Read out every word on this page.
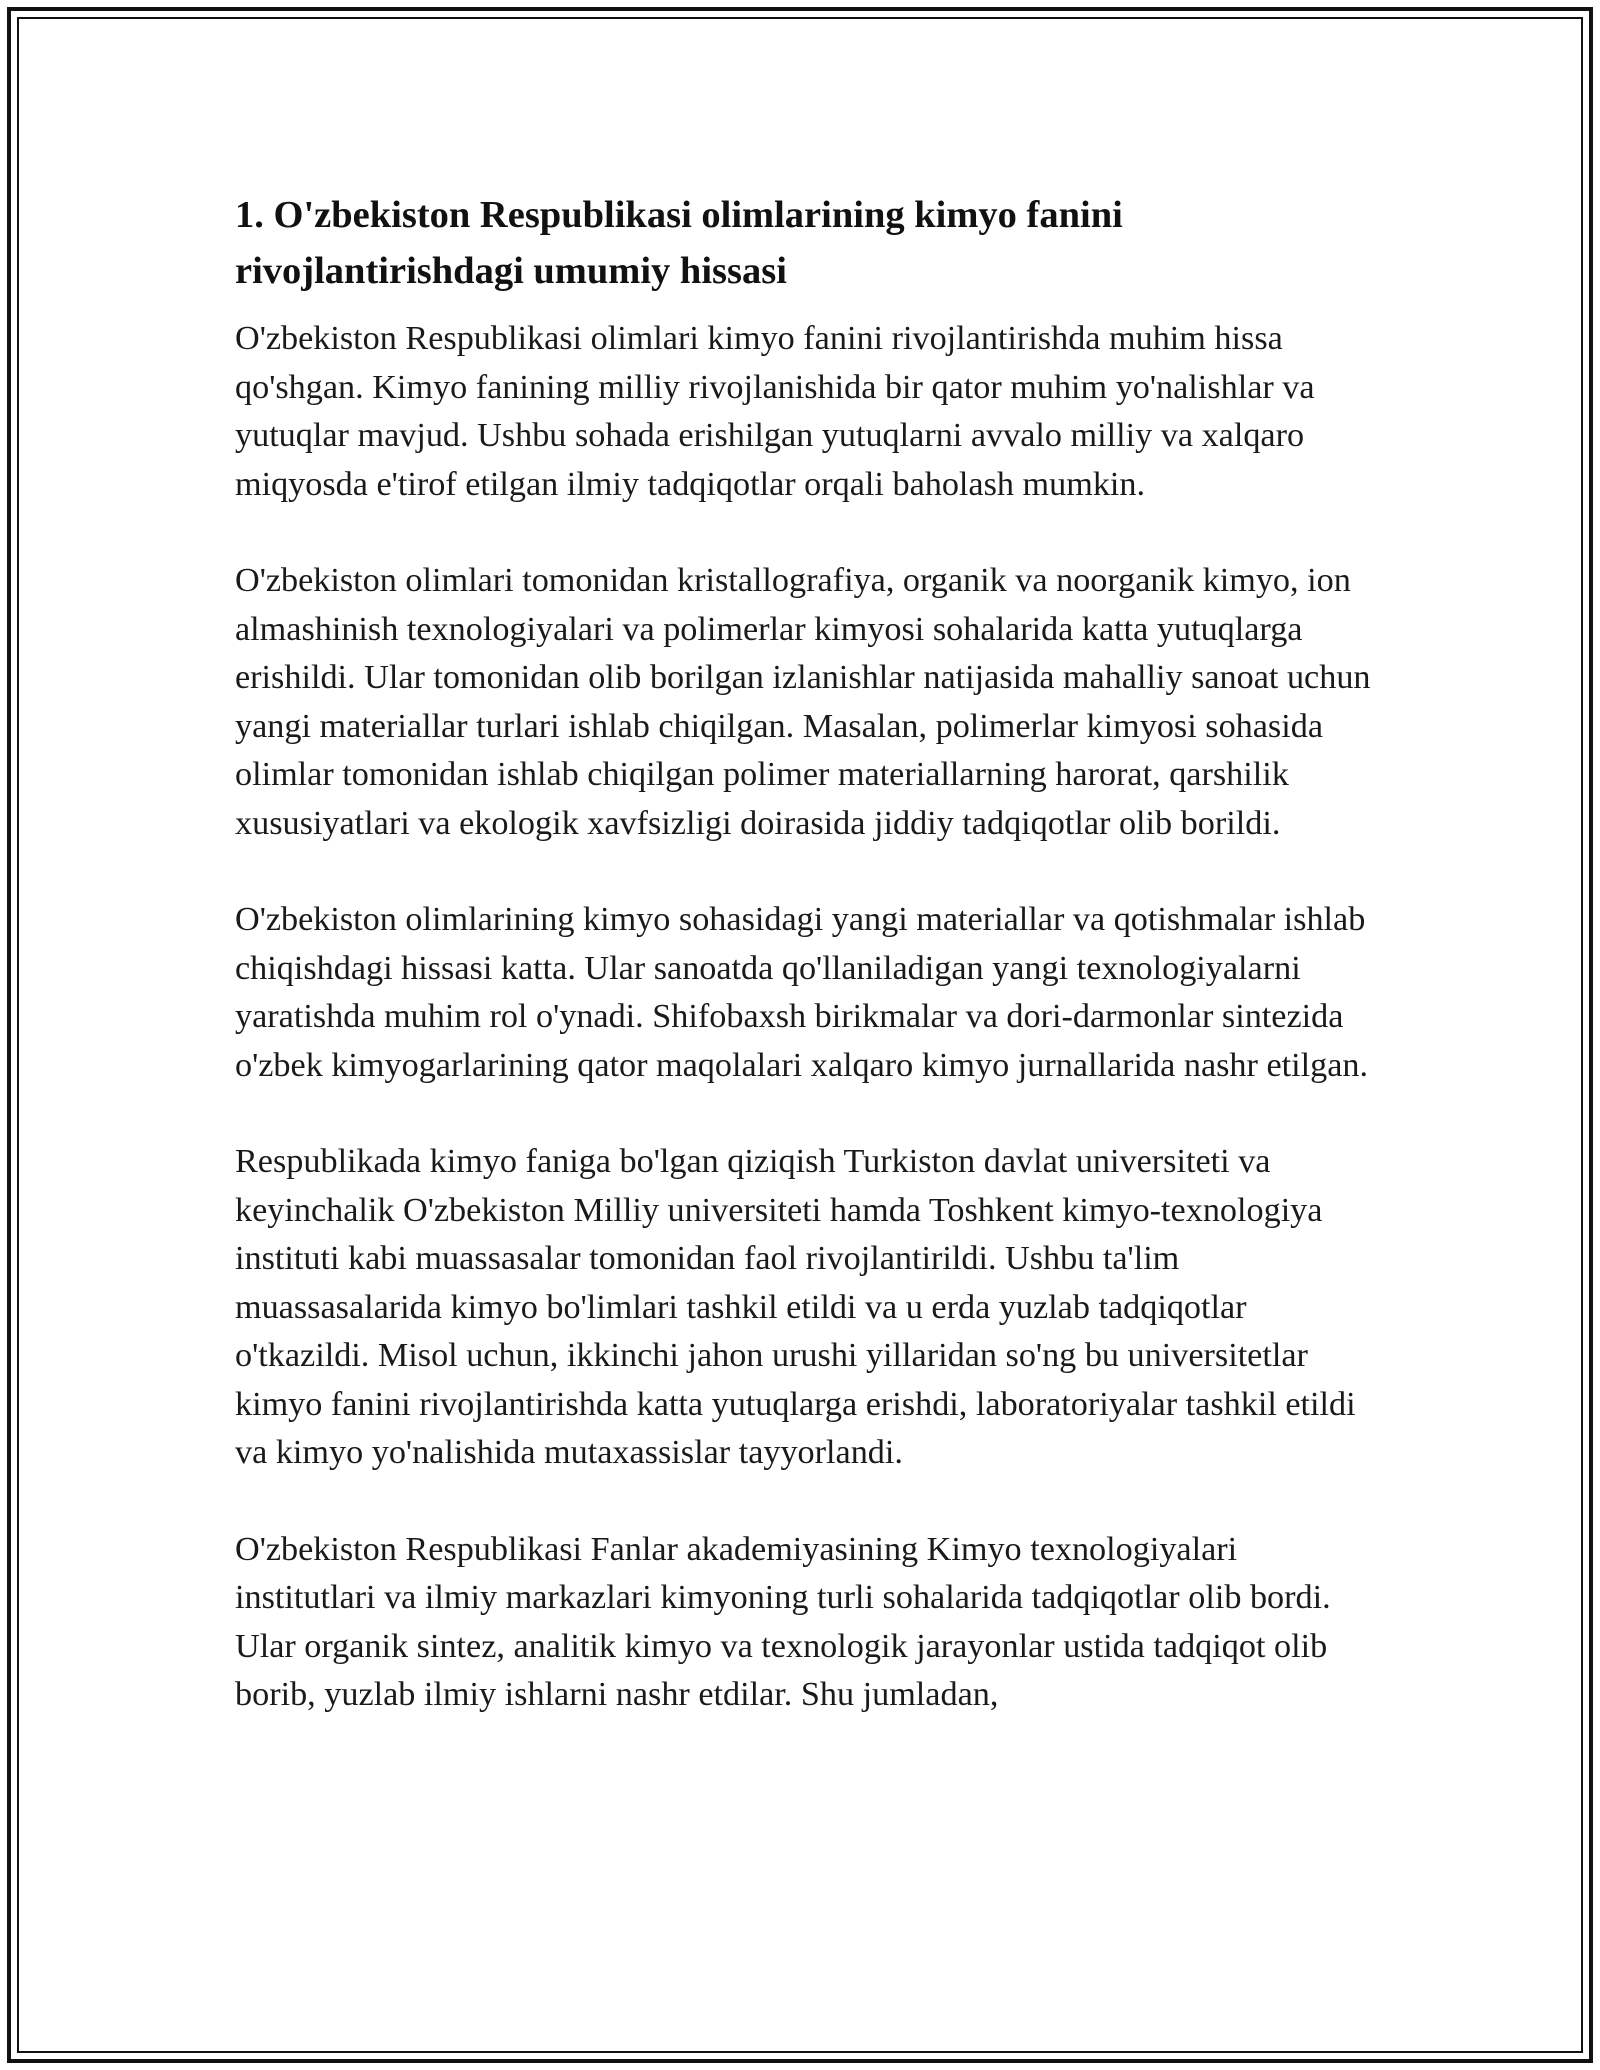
1. O'zbekiston Respublikasi olimlarining kimyo fanini rivojlantirishdagi umumiy hissasi

O'zbekiston Respublikasi olimlari kimyo fanini rivojlantirishda muhim hissa qo'shgan. Kimyo fanining milliy rivojlanishida bir qator muhim yo'nalishlar va yutuqlar mavjud. Ushbu sohada erishilgan yutuqlarni avvalo milliy va xalqaro miqyosda e'tirof etilgan ilmiy tadqiqotlar orqali baholash mumkin.

O'zbekiston olimlari tomonidan kristallografiya, organik va noorganik kimyo, ion almashinish texnologiyalari va polimerlar kimyosi sohalarida katta yutuqlarga erishildi. Ular tomonidan olib borilgan izlanishlar natijasida mahalliy sanoat uchun yangi materiallar turlari ishlab chiqilgan. Masalan, polimerlar kimyosi sohasida olimlar tomonidan ishlab chiqilgan polimer materiallarning harorat, qarshilik xususiyatlari va ekologik xavfsizligi doirasida jiddiy tadqiqotlar olib borildi.

O'zbekiston olimlarining kimyo sohasidagi yangi materiallar va qotishmalar ishlab chiqishdagi hissasi katta. Ular sanoatda qo'llaniladigan yangi texnologiyalarni yaratishda muhim rol o'ynadi. Shifobaxsh birikmalar va dori-darmonlar sintezida o'zbek kimyogarlarining qator maqolalari xalqaro kimyo jurnallarida nashr etilgan.

Respublikada kimyo faniga bo'lgan qiziqish Turkiston davlat universiteti va keyinchalik O'zbekiston Milliy universiteti hamda Toshkent kimyo-texnologiya instituti kabi muassasalar tomonidan faol rivojlantirildi. Ushbu ta'lim muassasalarida kimyo bo'limlari tashkil etildi va u erda yuzlab tadqiqotlar o'tkazildi. Misol uchun, ikkinchi jahon urushi yillaridan so'ng bu universitetlar kimyo fanini rivojlantirishda katta yutuqlarga erishdi, laboratoriyalar tashkil etildi va kimyo yo'nalishida mutaxassislar tayyorlandi.

O'zbekiston Respublikasi Fanlar akademiyasining Kimyo texnologiyalari institutlari va ilmiy markazlari kimyoning turli sohalarida tadqiqotlar olib bordi. Ular organik sintez, analitik kimyo va texnologik jarayonlar ustida tadqiqot olib borib, yuzlab ilmiy ishlarni nashr etdilar. Shu jumladan,
